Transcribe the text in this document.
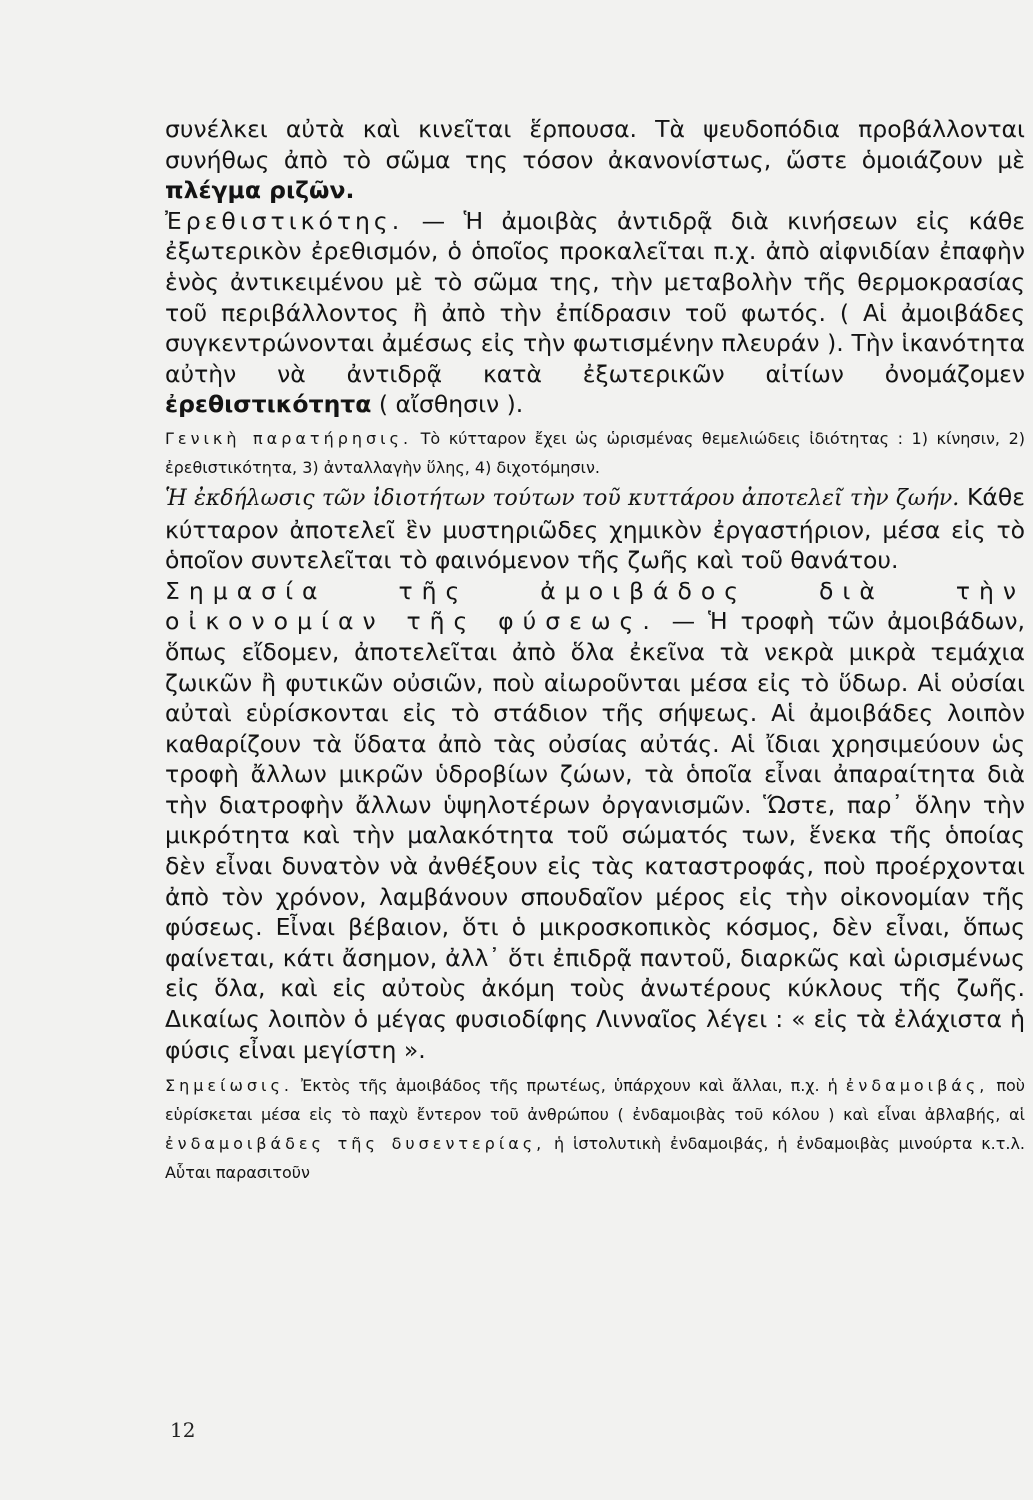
συνέλκει αὐτὰ καὶ κινεῖται ἕρπουσα. Τὰ ψευδοπόδια προβάλλονται συνήθως ἀπὸ τὸ σῶμα της τόσον ἀκανονίστως, ὥστε ὁμοιάζουν μὲ πλέγμα ριζῶν.

Ἐρεθιστικότης. — Ἡ ἀμοιβὰς ἀντιδρᾷ διὰ κινήσεων εἰς κάθε ἐξωτερικὸν ἐρεθισμόν, ὁ ὁποῖος προκαλεῖται π.χ. ἀπὸ αἰφνιδίαν ἐπαφὴν ἑνὸς ἀντικειμένου μὲ τὸ σῶμα της, τὴν μεταβολὴν τῆς θερμοκρασίας τοῦ περιβάλλοντος ἢ ἀπὸ τὴν ἐπίδρασιν τοῦ φωτός. ( Αἱ ἀμοιβάδες συγκεντρώνονται ἀμέσως εἰς τὴν φωτισμένην πλευράν ). Τὴν ἱκανότητα αὐτὴν νὰ ἀντιδρᾷ κατὰ ἐξωτερικῶν αἰτίων ὀνομάζομεν ἐρεθιστικότητα ( αἴσθησιν ).

Γενικὴ παρατήρησις. Τὸ κύτταρον ἔχει ὡς ὡρισμένας θεμελιώδεις ἰδιότητας : 1) κίνησιν, 2) ἐρεθιστικότητα, 3) ἀνταλλαγὴν ὕλης, 4) διχοτόμησιν.

Ἡ ἐκδήλωσις τῶν ἰδιοτήτων τούτων τοῦ κυττάρου ἀποτελεῖ τὴν ζωήν. Κάθε κύτταρον ἀποτελεῖ ἓν μυστηριῶδες χημικὸν ἐργαστήριον, μέσα εἰς τὸ ὁποῖον συντελεῖται τὸ φαινόμενον τῆς ζωῆς καὶ τοῦ θανάτου.

Σημασία τῆς ἀμοιβάδος διὰ τὴν οἰκονομίαν τῆς φύσεως. — Ἡ τροφὴ τῶν ἀμοιβάδων, ὅπως εἴδομεν, ἀποτελεῖται ἀπὸ ὅλα ἐκεῖνα τὰ νεκρὰ μικρὰ τεμάχια ζωικῶν ἢ φυτικῶν οὐσιῶν, ποὺ αἰωροῦνται μέσα εἰς τὸ ὕδωρ. Αἱ οὐσίαι αὐταὶ εὑρίσκονται εἰς τὸ στάδιον τῆς σήψεως. Αἱ ἀμοιβάδες λοιπὸν καθαρίζουν τὰ ὕδατα ἀπὸ τὰς οὐσίας αὐτάς. Αἱ ἴδιαι χρησιμεύουν ὡς τροφὴ ἄλλων μικρῶν ὑδροβίων ζώων, τὰ ὁποῖα εἶναι ἀπαραίτητα διὰ τὴν διατροφὴν ἄλλων ὑψηλοτέρων ὀργανισμῶν. Ὥστε, παρ᾿ ὅλην τὴν μικρότητα καὶ τὴν μαλακότητα τοῦ σώματός των, ἕνεκα τῆς ὁποίας δὲν εἶναι δυνατὸν νὰ ἀνθέξουν εἰς τὰς καταστροφάς, ποὺ προέρχονται ἀπὸ τὸν χρόνον, λαμβάνουν σπουδαῖον μέρος εἰς τὴν οἰκονομίαν τῆς φύσεως. Εἶναι βέβαιον, ὅτι ὁ μικροσκοπικὸς κόσμος, δὲν εἶναι, ὅπως φαίνεται, κάτι ἄσημον, ἀλλ᾿ ὅτι ἐπιδρᾷ παντοῦ, διαρκῶς καὶ ὡρισμένως εἰς ὅλα, καὶ εἰς αὐτοὺς ἀκόμη τοὺς ἀνωτέρους κύκλους τῆς ζωῆς. Δικαίως λοιπὸν ὁ μέγας φυσιοδίφης Λινναῖος λέγει : « εἰς τὰ ἐλάχιστα ἡ φύσις εἶναι μεγίστη ».

Σημείωσις. Ἐκτὸς τῆς ἀμοιβάδος τῆς πρωτέως, ὑπάρχουν καὶ ἄλλαι, π.χ. ἡ ἐνδαμοιβάς, ποὺ εὑρίσκεται μέσα εἰς τὸ παχὺ ἔντερον τοῦ ἀνθρώπου ( ἐνδαμοιβὰς τοῦ κόλου ) καὶ εἶναι ἀβλαβής, αἱ ἐνδαμοιβάδες τῆς δυσεντερίας, ἡ ἱστολυτικὴ ἐνδαμοιβάς, ἡ ἐνδαμοιβὰς μινούρτα κ.τ.λ. Αὗται παρασιτοῦν

12
